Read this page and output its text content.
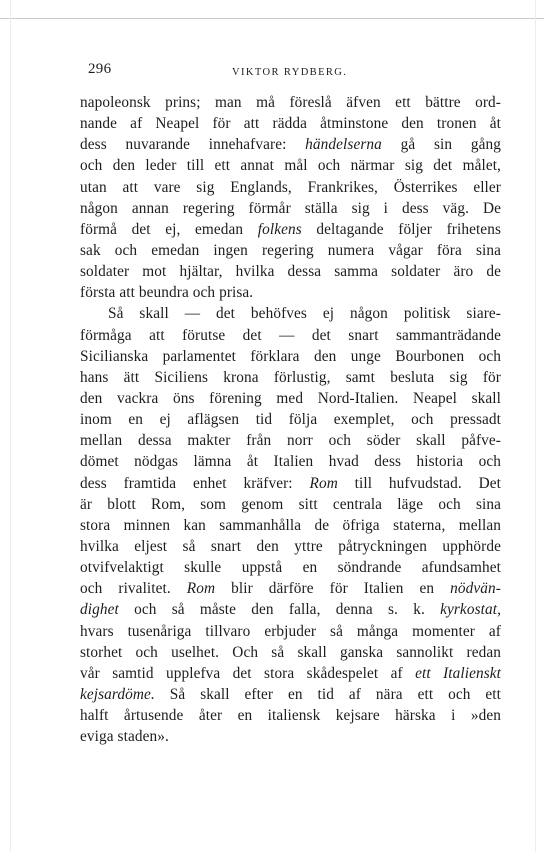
296	VIKTOR RYDBERG.
napoleonsk prins; man må föreslå äfven ett bättre ord-
nande af Neapel för att rädda åtminstone den tronen åt
dess nuvarande innehafvare: händelserna gå sin gång
och den leder till ett annat mål och närmar sig det målet,
utan att vare sig Englands, Frankrikes, Österrikes eller
någon annan regering förmår ställa sig i dess väg. De
förmå det ej, emedan folkens deltagande följer frihetens
sak och emedan ingen regering numera vågar föra sina
soldater mot hjältar, hvilka dessa samma soldater äro de
första att beundra och prisa.
Så skall — det behöfves ej någon politisk siare-
förmåga att förutse det — det snart sammanträdande
Sicilianska parlamentet förklara den unge Bourbonen och
hans ätt Siciliens krona förlustig, samt besluta sig för
den vackra öns förening med Nord-Italien. Neapel skall
inom en ej aflägsen tid följa exemplet, och pressadt
mellan dessa makter från norr och söder skall påfve-
dömet nödgas lämna åt Italien hvad dess historia och
dess framtida enhet kräfver: Rom till hufvudstad. Det
är blott Rom, som genom sitt centrala läge och sina
stora minnen kan sammanhålla de öfriga staterna, mellan
hvilka eljest så snart den yttre påtryckningen upphörde
otvifvelaktigt skulle uppstå en söndrande afundsamhet
och rivalitet. Rom blir därföre för Italien en nödvän-
dighet och så måste den falla, denna s. k. kyrkostat,
hvars tusenåriga tillvaro erbjuder så många momenter af
storhet och uselhet. Och så skall ganska sannolikt redan
vår samtid upplefva det stora skådespelet af ett Italienskt
kejsardöme. Så skall efter en tid af nära ett och ett
halft årtusende åter en italiensk kejsare härska i »den
eviga staden».
